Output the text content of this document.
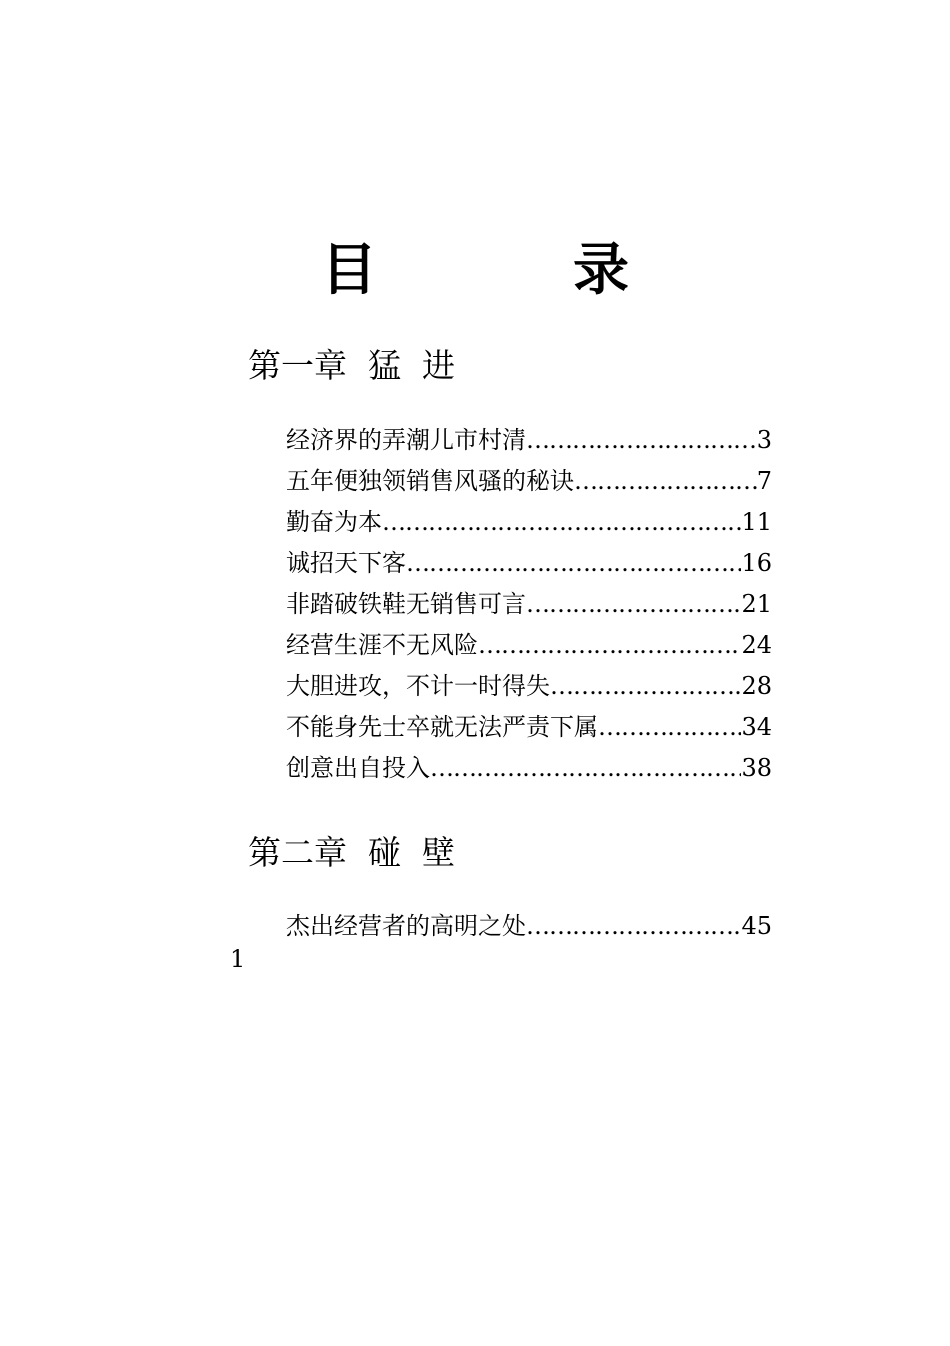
目　录
第一章  猛  进
经济界的弄潮儿市村清 ……………………………………………………………………………………………………	3
五年便独领销售风骚的秘诀 ……………………………………………………………………………………………………	7
勤奋为本 ……………………………………………………………………………………………………	11
诚招天下客 ……………………………………………………………………………………………………	16
非踏破铁鞋无销售可言 ……………………………………………………………………………………………………	21
经营生涯不无风险 ……………………………………………………………………………………………………	24
大胆进攻，不计一时得失 ……………………………………………………………………………………………………	28
不能身先士卒就无法严责下属 ……………………………………………………………………………………………………	34
创意出自投入 ……………………………………………………………………………………………………	38
第二章  碰  壁
杰出经营者的高明之处 ……………………………………………………………………………………………………	45
1
